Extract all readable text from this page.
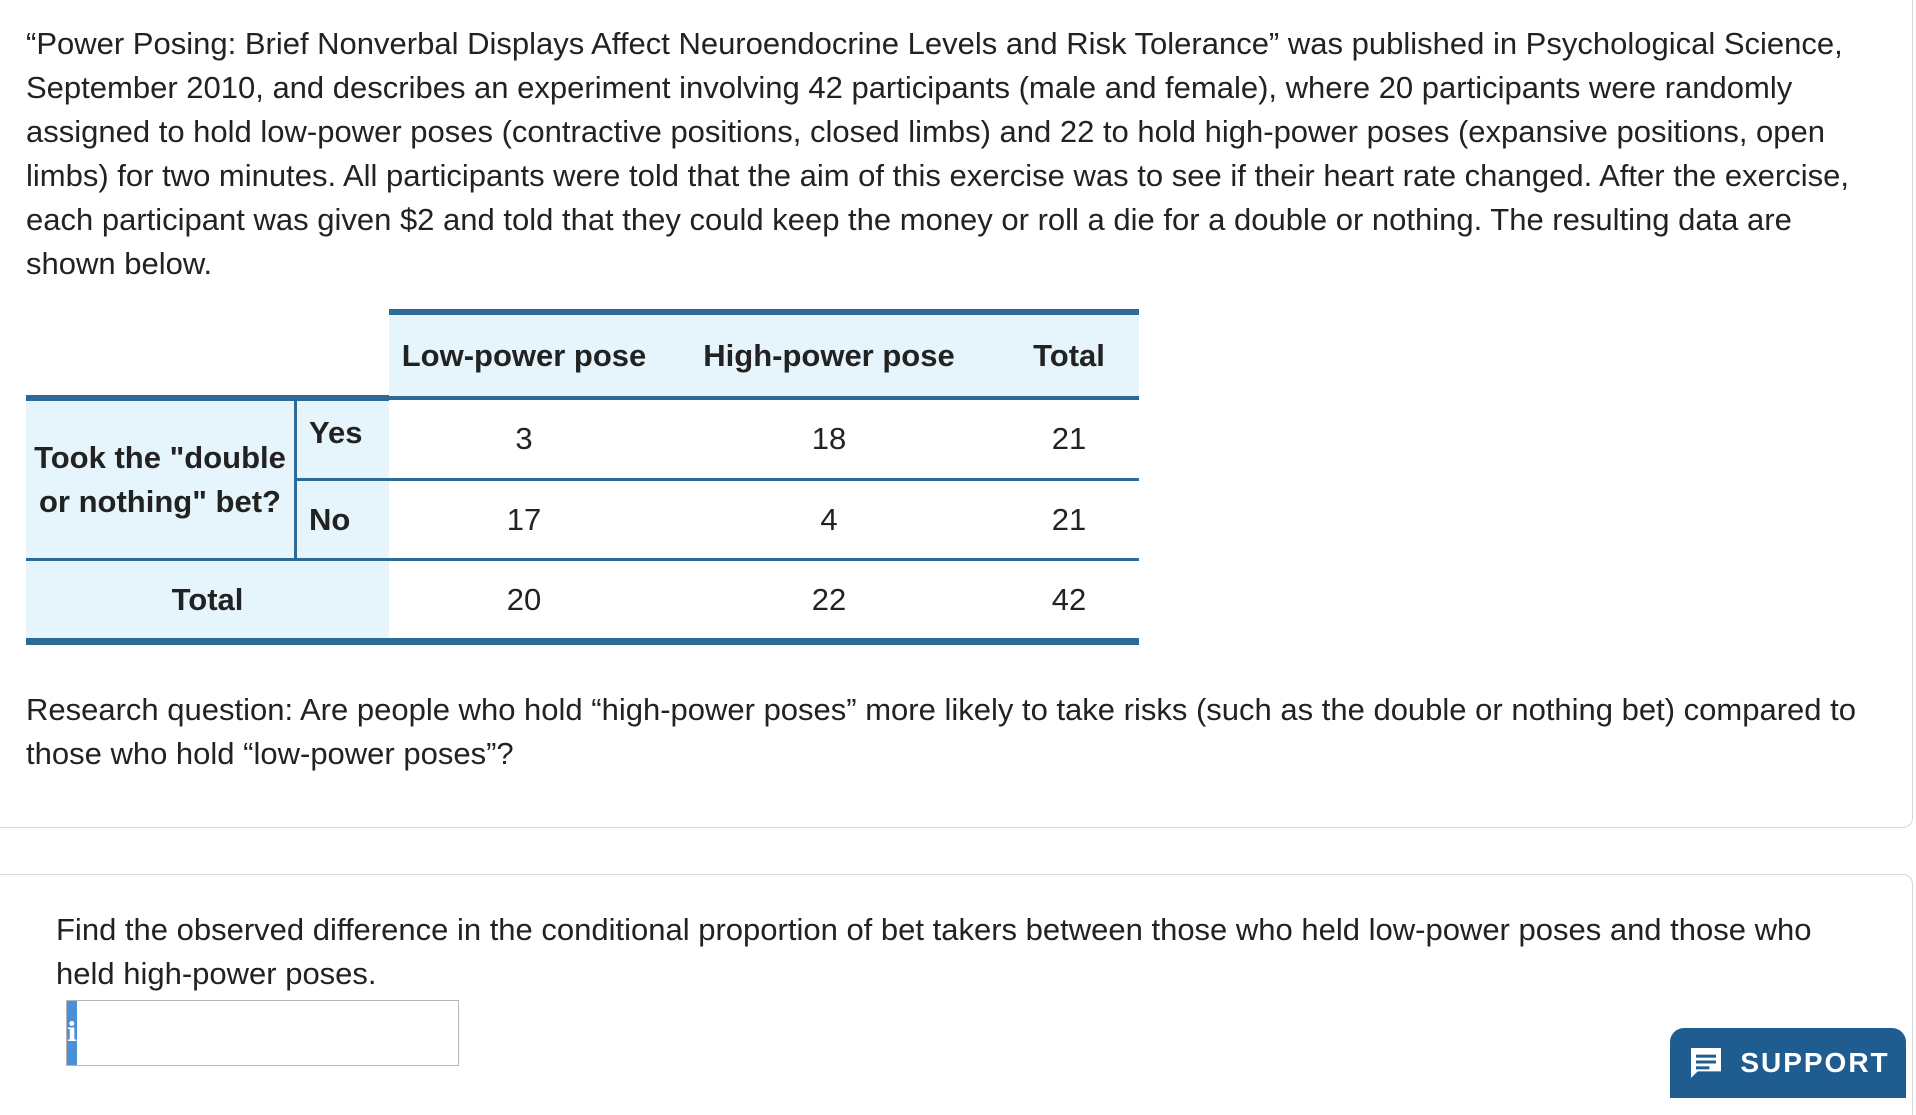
“Power Posing: Brief Nonverbal Displays Affect Neuroendocrine Levels and Risk Tolerance” was published in Psychological Science, September 2010, and describes an experiment involving 42 participants (male and female), where 20 participants were randomly assigned to hold low-power poses (contractive positions, closed limbs) and 22 to hold high-power poses (expansive positions, open limbs) for two minutes. All participants were told that the aim of this exercise was to see if their heart rate changed. After the exercise, each participant was given $2 and told that they could keep the money or roll a die for a double or nothing. The resulting data are shown below.

		Low-power pose	High-power pose	Total
Took the "double or nothing" bet?	Yes	3	18	21
	No	17	4	21
Total		20	22	42

Research question: Are people who hold “high-power poses” more likely to take risks (such as the double or nothing bet) compared to those who hold “low-power poses”?

Find the observed difference in the conditional proportion of bet takers between those who held low-power poses and those who held high-power poses.

i
SUPPORT
